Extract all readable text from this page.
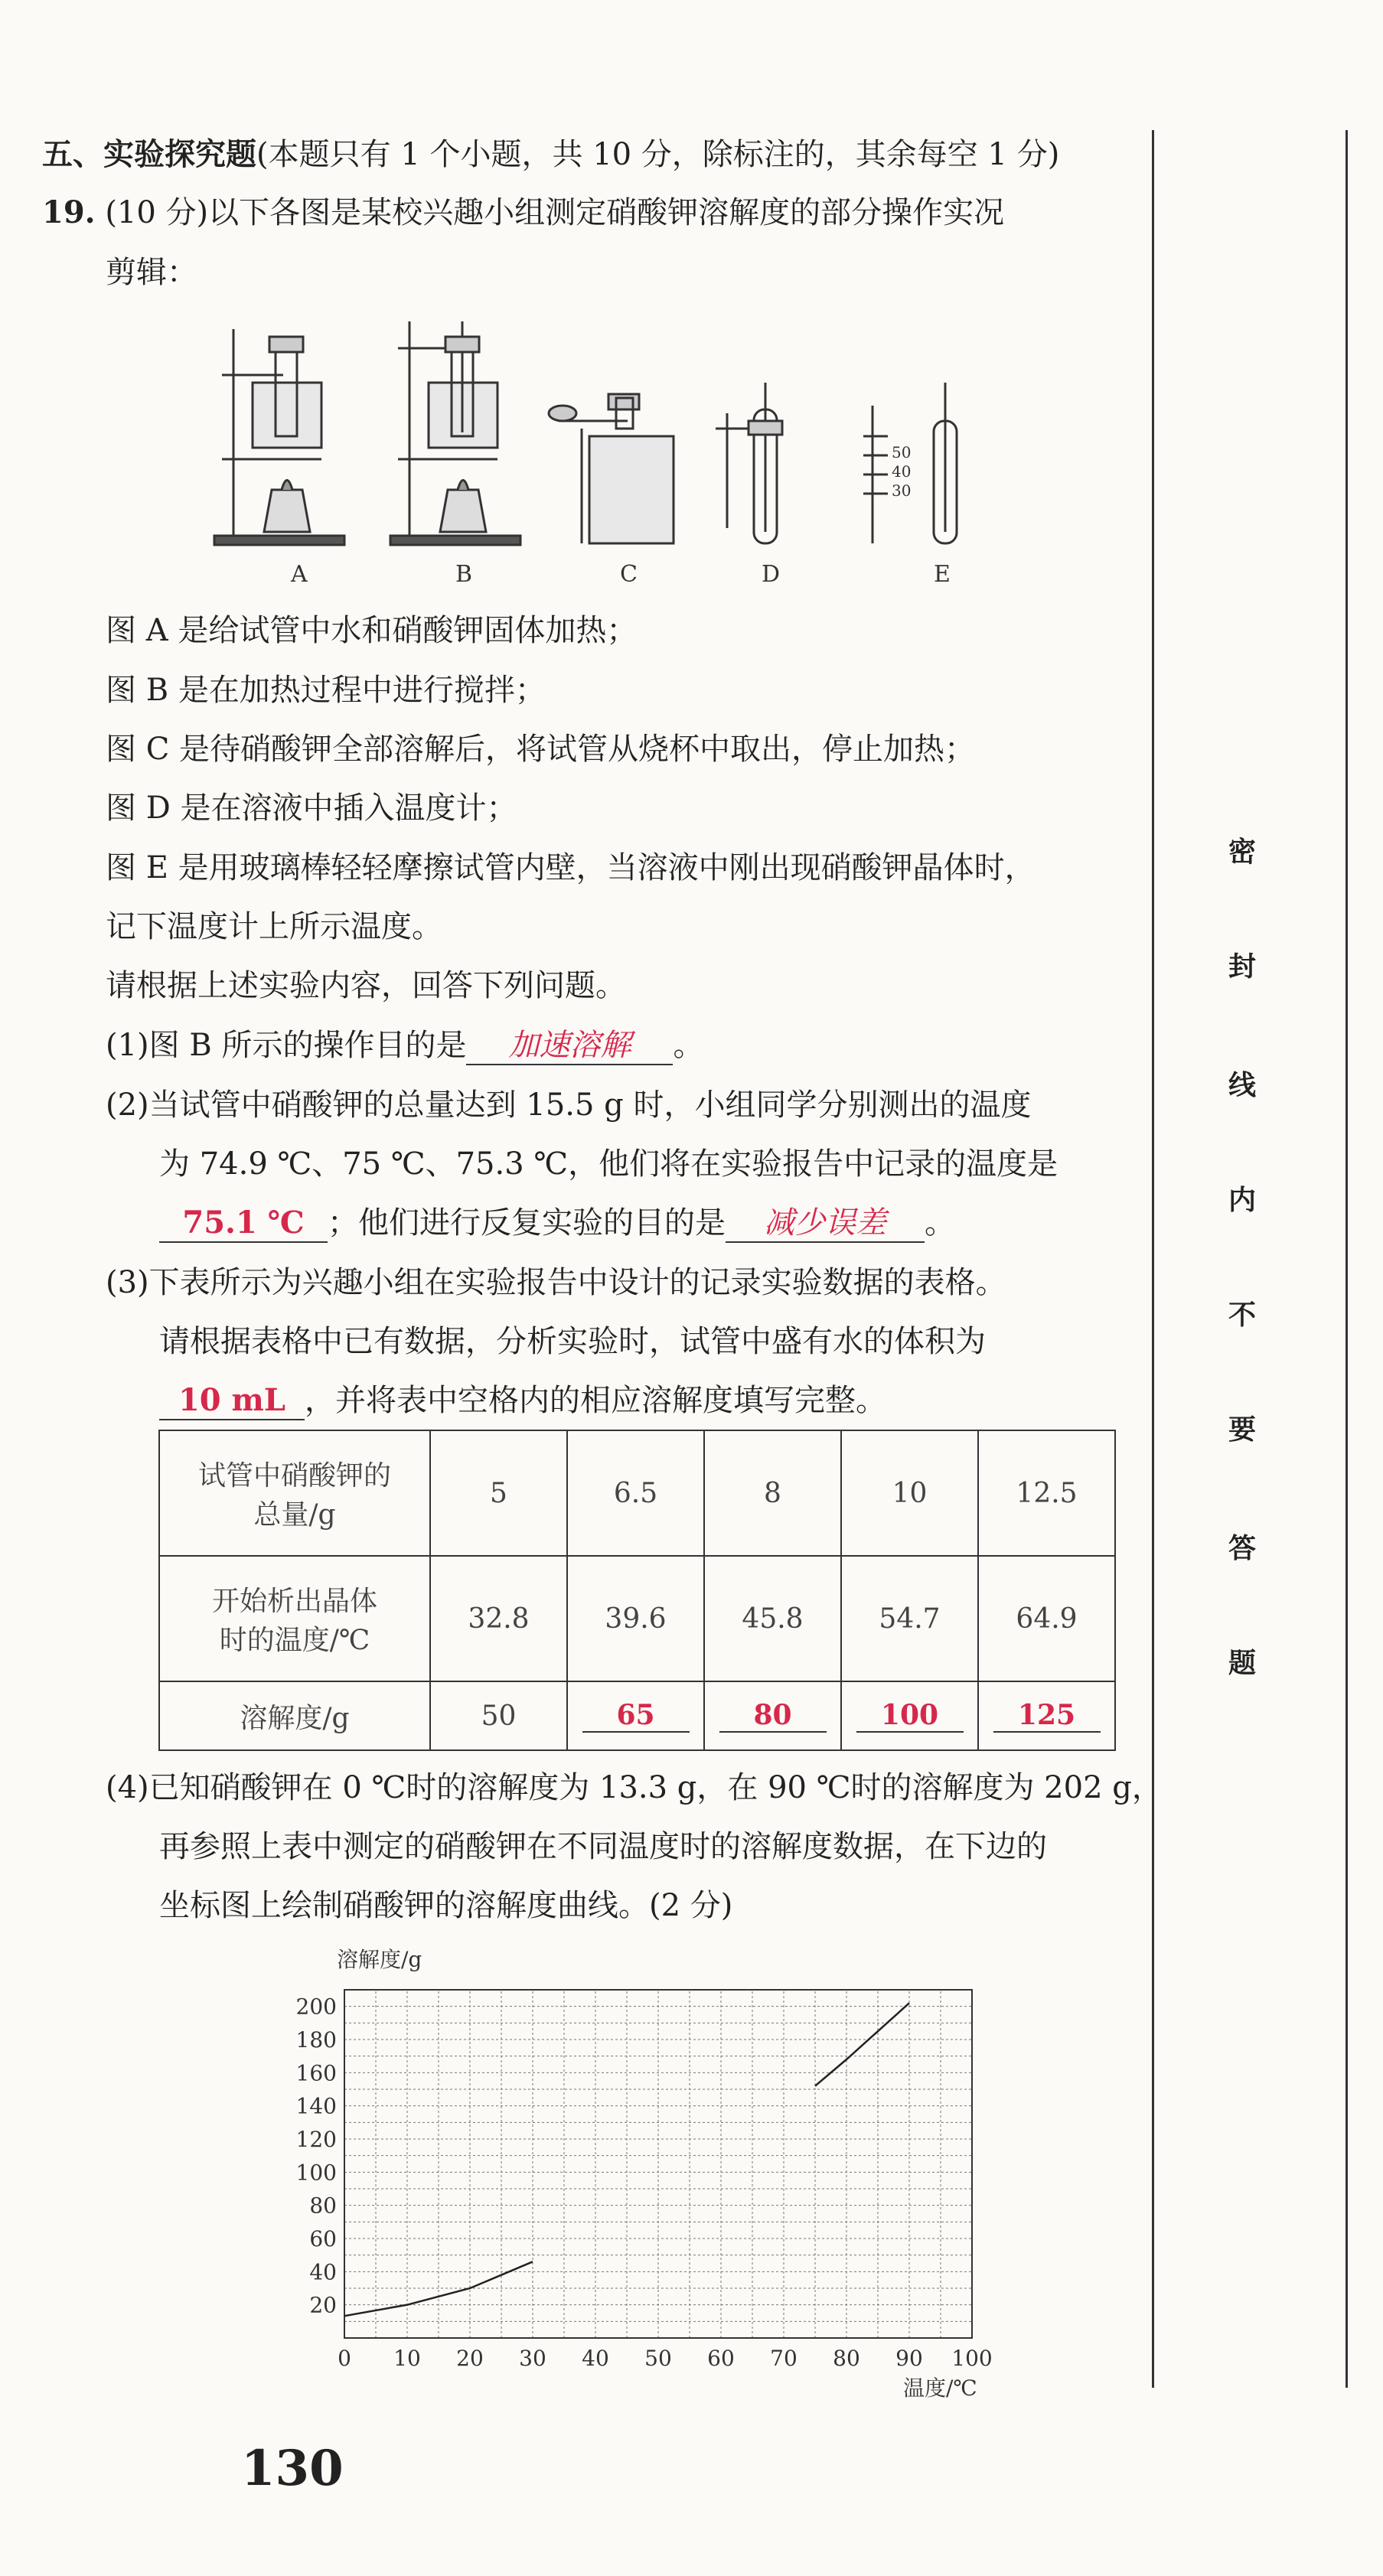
密
封
线
内
不
要
答
题
五、实验探究题(本题只有 1 个小题，共 10 分，除标注的，其余每空 1 分)
19. (10 分)以下各图是某校兴趣小组测定硝酸钾溶解度的部分操作实况
剪辑：
50
40
30
A	B	C	D	E
图 A 是给试管中水和硝酸钾固体加热；
图 B 是在加热过程中进行搅拌；
图 C 是待硝酸钾全部溶解后，将试管从烧杯中取出，停止加热；
图 D 是在溶液中插入温度计；
图 E 是用玻璃棒轻轻摩擦试管内壁，当溶液中刚出现硝酸钾晶体时，
记下温度计上所示温度。
请根据上述实验内容，回答下列问题。
(1)图 B 所示的操作目的是 加速溶解 。
(2)当试管中硝酸钾的总量达到 15.5 g 时，小组同学分别测出的温度
为 74.9 ℃、75 ℃、75.3 ℃，他们将在实验报告中记录的温度是
75.1 ℃ ；他们进行反复实验的目的是 减少误差 。
(3)下表所示为兴趣小组在实验报告中设计的记录实验数据的表格。
请根据表格中已有数据，分析实验时，试管中盛有水的体积为
10 mL ，并将表中空格内的相应溶解度填写完整。
试管中硝酸钾的
总量/g	5	6.5	8	10	12.5

开始析出晶体
时的温度/℃	32.8	39.6	45.8	54.7	64.9
溶解度/g	50	65	80	100	125
(4)已知硝酸钾在 0 ℃时的溶解度为 13.3 g，在 90 ℃时的溶解度为 202 g，
再参照上表中测定的硝酸钾在不同温度时的溶解度数据，在下边的
坐标图上绘制硝酸钾的溶解度曲线。(2 分)
0 10 20 30 40 50 60 70 80 90 100
20
40
60
80
100
120
140
160
180
200
溶解度/g
温度/℃
130
